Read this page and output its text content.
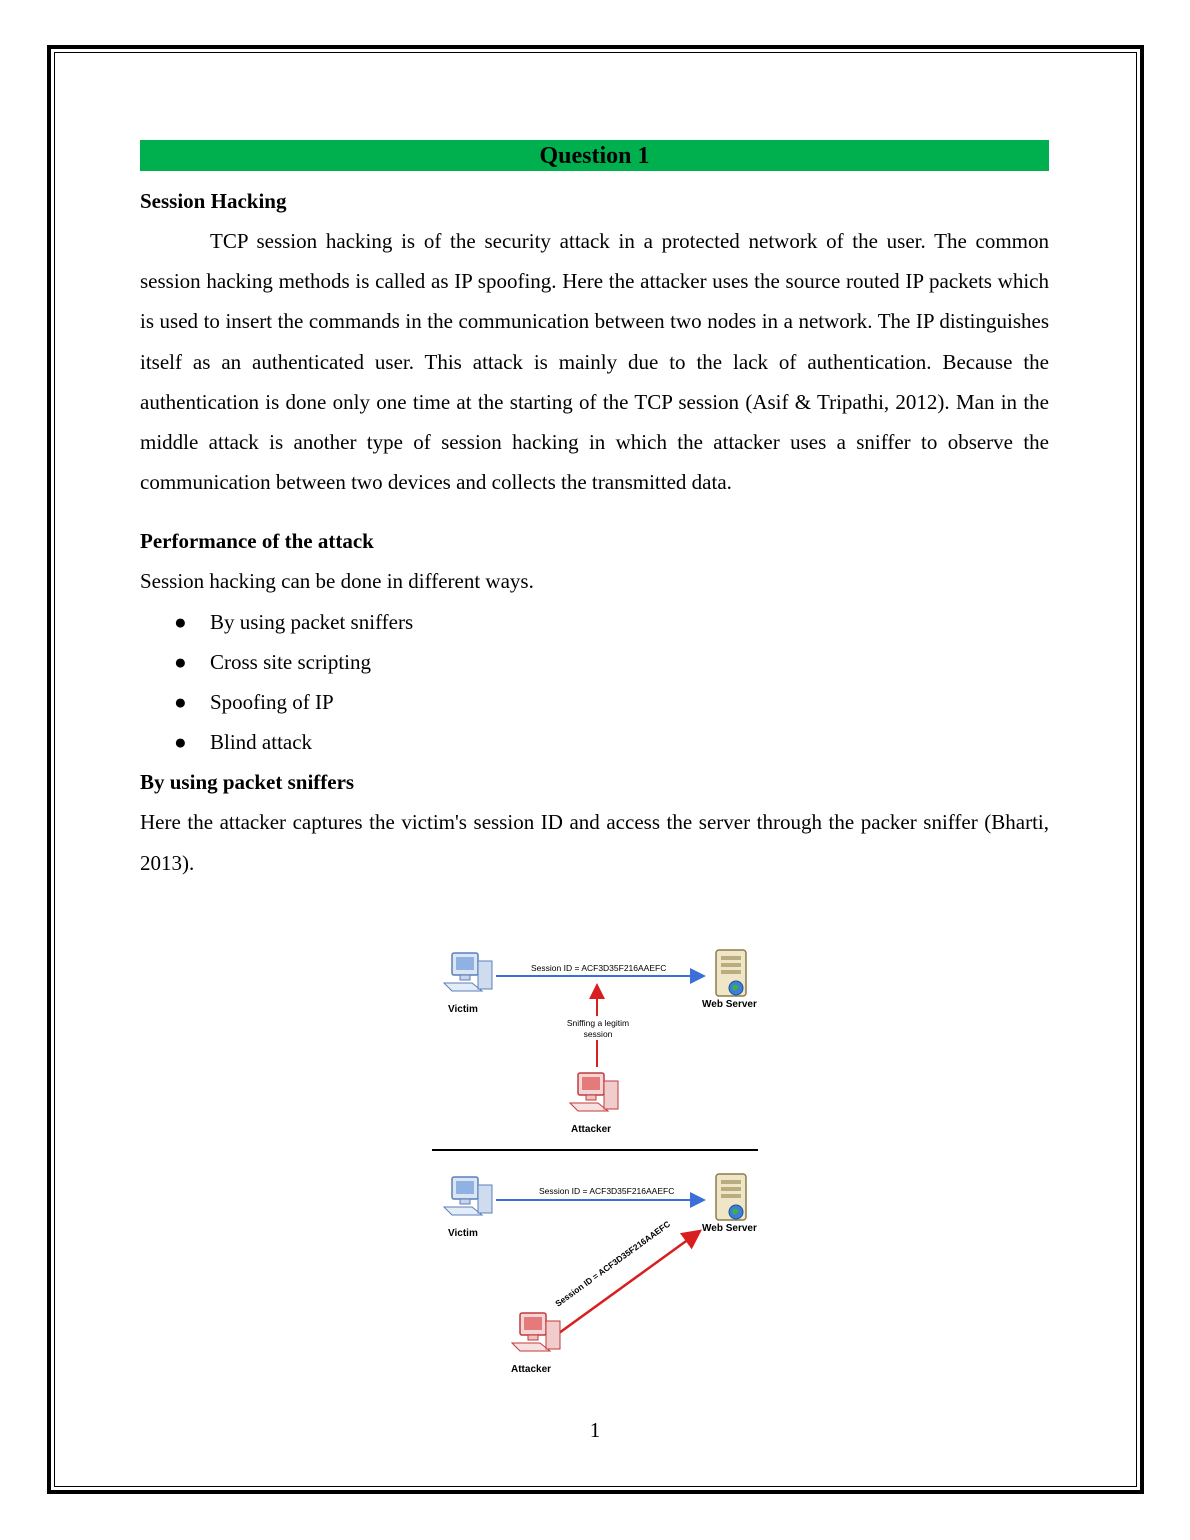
Question 1
Session Hacking

TCP session hacking is of the security attack in a protected network of the user. The common session hacking methods is called as IP spoofing. Here the attacker uses the source routed IP packets which is used to insert the commands in the communication between two nodes in a network. The IP distinguishes itself as an authenticated user. This attack is mainly due to the lack of authentication. Because the authentication is done only one time at the starting of the TCP session (Asif & Tripathi, 2012). Man in the middle attack is another type of session hacking in which the attacker uses a sniffer to observe the communication between two devices and collects the transmitted data.

Performance of the attack

Session hacking can be done in different ways.

● By using packet sniffers
● Cross site scripting
● Spoofing of IP
● Blind attack
By using packet sniffers

Here the attacker captures the victim's session ID and access the server through the packer sniffer (Bharti, 2013).

Victim	Web Server
Session ID = ACF3D35F216AAEFC
Sniffing a legitim
session
Attacker
Victim	Web Server
Session ID = ACF3D35F216AAEFC
Session ID = ACF3D35F216AAEFC
Attacker
1
